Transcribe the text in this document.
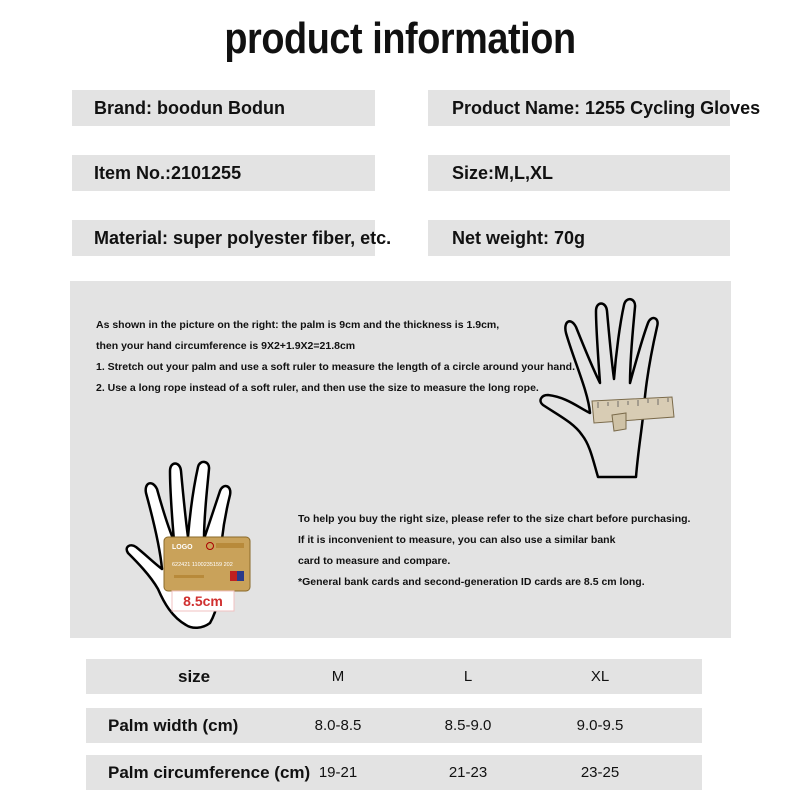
product information
Brand: boodun Bodun	Product Name: 1255 Cycling Gloves
Item No.:2101255	Size:M,L,XL
Material: super polyester fiber, etc.	Net weight: 70g
As shown in the picture on the right: the palm is 9cm and the thickness is 1.9cm,
then your hand circumference is 9X2+1.9X2=21.8cm
1. Stretch out your palm and use a soft ruler to measure the length of a circle around your hand.
2. Use a long rope instead of a soft ruler, and then use the size to measure the long rope.
To help you buy the right size, please refer to the size chart before purchasing.
If it is inconvenient to measure, you can also use a similar bank
card to measure and compare.
*General bank cards and second-generation ID cards are 8.5 cm long.
LOGO
622421 1100235159 202
8.5cm
size	M	L	XL
Palm width (cm)	8.0-8.5	8.5-9.0	9.0-9.5
Palm circumference (cm) 19-21	21-23	23-25
